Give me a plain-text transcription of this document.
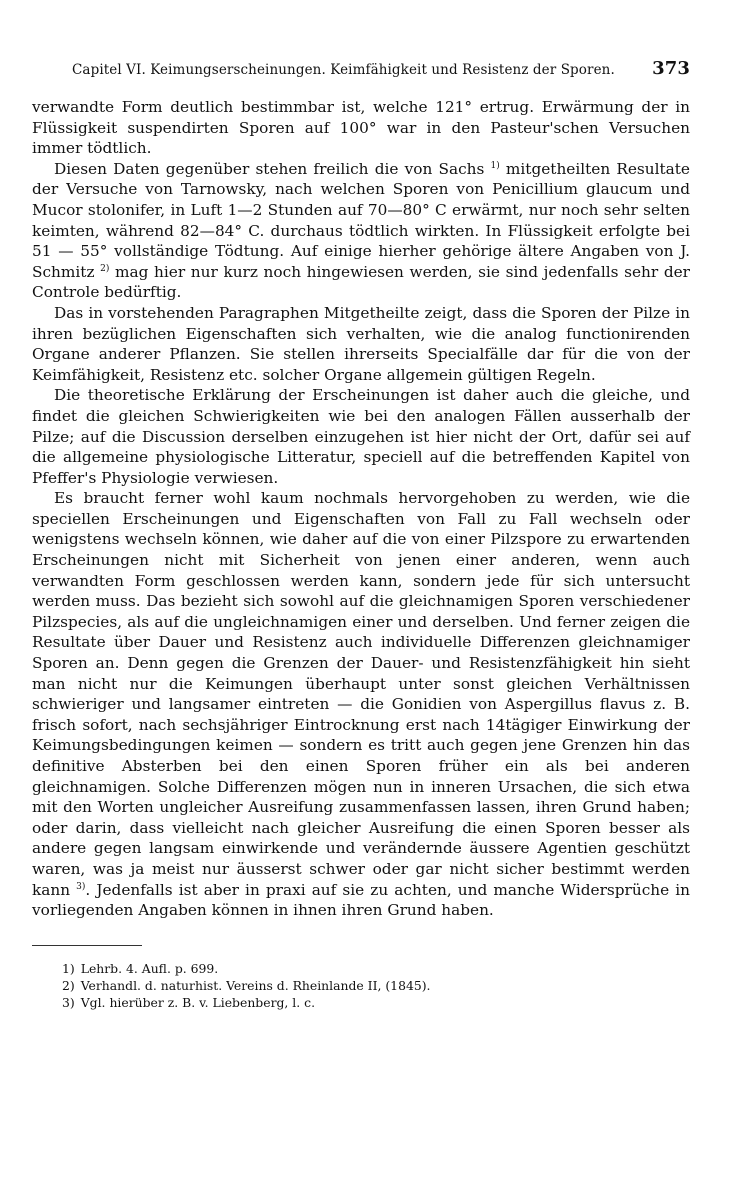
Capitel VI. Keimungserscheinungen. Keimfähigkeit und Resistenz der Sporen. 373

verwandte Form deutlich bestimmbar ist, welche 121° ertrug. Erwärmung der in Flüssigkeit suspendirten Sporen auf 100° war in den Pasteur'schen Versuchen immer tödtlich.

Diesen Daten gegenüber stehen freilich die von Sachs $^{1)}$ mitgetheilten Resultate der Versuche von Tarnowsky, nach welchen Sporen von Penicillium glaucum und Mucor stolonifer, in Luft 1—2 Stunden auf 70—80° C erwärmt, nur noch sehr selten keimten, während 82—84° C. durchaus tödtlich wirkten. In Flüssigkeit erfolgte bei 51 — 55° vollständige Tödtung. Auf einige hierher gehörige ältere Angaben von J. Schmitz $^{2)}$ mag hier nur kurz noch hingewiesen werden, sie sind jedenfalls sehr der Controle bedürftig.

Das in vorstehenden Paragraphen Mitgetheilte zeigt, dass die Sporen der Pilze in ihren bezüglichen Eigenschaften sich verhalten, wie die analog functionirenden Organe anderer Pflanzen. Sie stellen ihrerseits Specialfälle dar für die von der Keimfähigkeit, Resistenz etc. solcher Organe allgemein gültigen Regeln.

Die theoretische Erklärung der Erscheinungen ist daher auch die gleiche, und findet die gleichen Schwierigkeiten wie bei den analogen Fällen ausserhalb der Pilze; auf die Discussion derselben einzugehen ist hier nicht der Ort, dafür sei auf die allgemeine physiologische Litteratur, speciell auf die betreffenden Kapitel von Pfeffer's Physiologie verwiesen.

Es braucht ferner wohl kaum nochmals hervorgehoben zu werden, wie die speciellen Erscheinungen und Eigenschaften von Fall zu Fall wechseln oder wenigstens wechseln können, wie daher auf die von einer Pilzspore zu erwartenden Erscheinungen nicht mit Sicherheit von jenen einer anderen, wenn auch verwandten Form geschlossen werden kann, sondern jede für sich untersucht werden muss. Das bezieht sich sowohl auf die gleichnamigen Sporen verschiedener Pilzspecies, als auf die ungleichnamigen einer und derselben. Und ferner zeigen die Resultate über Dauer und Resistenz auch individuelle Differenzen gleichnamiger Sporen an. Denn gegen die Grenzen der Dauer- und Resistenzfähigkeit hin sieht man nicht nur die Keimungen überhaupt unter sonst gleichen Verhältnissen schwieriger und langsamer eintreten — die Gonidien von Aspergillus flavus z. B. frisch sofort, nach sechsjähriger Eintrocknung erst nach 14tägiger Einwirkung der Keimungsbedingungen keimen — sondern es tritt auch gegen jene Grenzen hin das definitive Absterben bei den einen Sporen früher ein als bei anderen gleichnamigen. Solche Differenzen mögen nun in inneren Ursachen, die sich etwa mit den Worten ungleicher Ausreifung zusammenfassen lassen, ihren Grund haben; oder darin, dass vielleicht nach gleicher Ausreifung die einen Sporen besser als andere gegen langsam einwirkende und verändernde äussere Agentien geschützt waren, was ja meist nur äusserst schwer oder gar nicht sicher bestimmt werden kann $^{3)}$. Jedenfalls ist aber in praxi auf sie zu achten, und manche Widersprüche in vorliegenden Angaben können in ihnen ihren Grund haben.

1) Lehrb. 4. Aufl. p. 699.
2) Verhandl. d. naturhist. Vereins d. Rheinlande II, (1845).
3) Vgl. hierüber z. B. v. Liebenberg, l. c.
